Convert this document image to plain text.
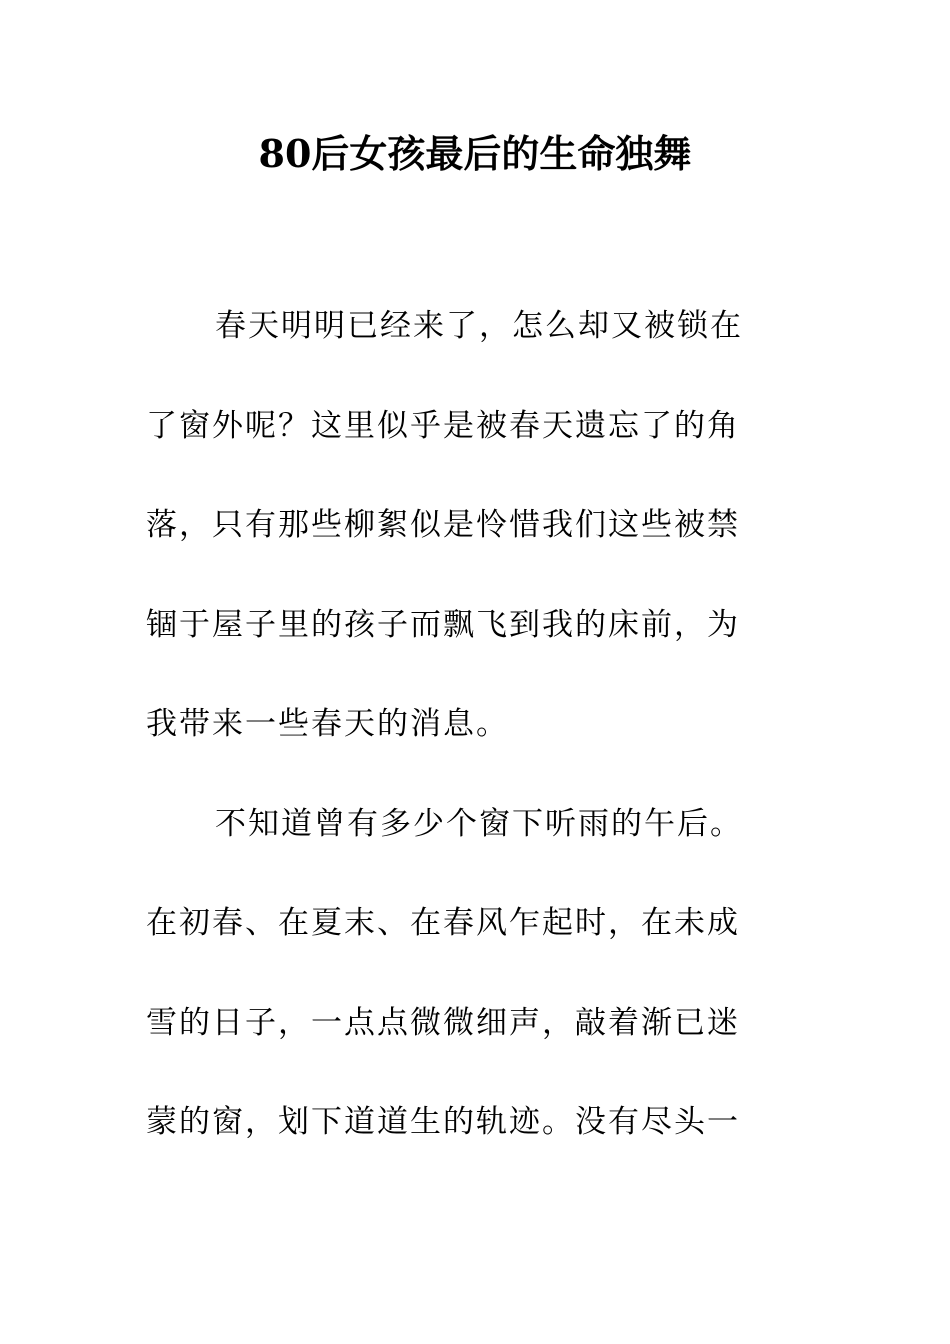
80后女孩最后的生命独舞
春天明明已经来了，怎么却又被锁在
了窗外呢？这里似乎是被春天遗忘了的角
落，只有那些柳絮似是怜惜我们这些被禁
锢于屋子里的孩子而飘飞到我的床前，为
我带来一些春天的消息。
不知道曾有多少个窗下听雨的午后。
在初春、在夏末、在春风乍起时，在未成
雪的日子，一点点微微细声，敲着渐已迷
蒙的窗，划下道道生的轨迹。没有尽头一
